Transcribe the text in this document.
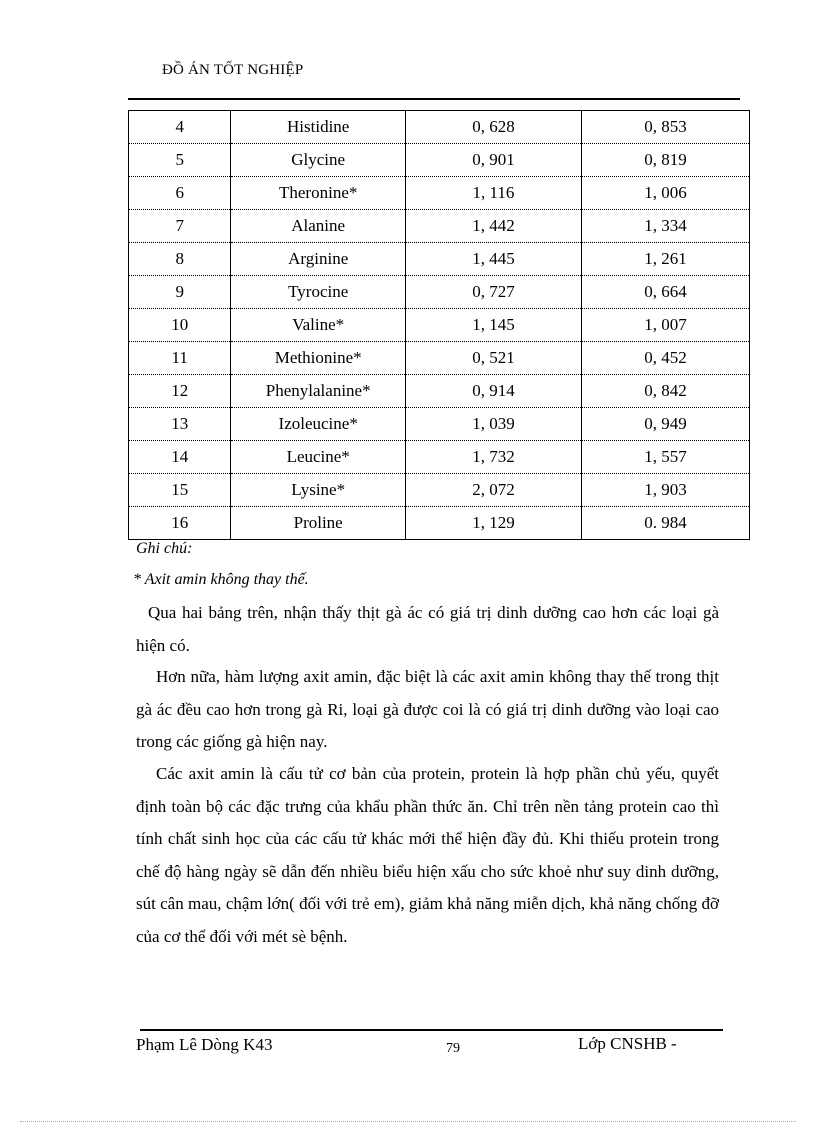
ĐỒ ÁN TỐT NGHIỆP
4	Histidine	0, 628	0, 853
5	Glycine	0, 901	0, 819
6	Theronine*	1, 116	1, 006
7	Alanine	1, 442	1, 334
8	Arginine	1, 445	1, 261
9	Tyrocine	0, 727	0, 664
10	Valine*	1, 145	1, 007
11	Methionine*	0, 521	0, 452
12	Phenylalanine*	0, 914	0, 842
13	Izoleucine*	1, 039	0, 949
14	Leucine*	1, 732	1, 557
15	Lysine*	2, 072	1, 903
16	Proline	1, 129	0. 984
Ghi chú:
* Axit amin không thay thế.
Qua hai bảng trên, nhận thấy thịt gà ác có giá trị dinh dưỡng cao hơn các loại gà hiện có.
Hơn nữa, hàm lượng axit amin, đặc biệt là các axit amin không thay thế trong thịt gà ác đều cao hơn trong gà Ri, loại gà được coi là có giá trị dinh dưỡng vào loại cao trong các giống gà hiện nay.
Các axit amin là cấu tử cơ bản của protein, protein là hợp phần chủ yếu, quyết định toàn bộ các đặc trưng của khẩu phần thức ăn. Chỉ trên nền tảng protein cao thì tính chất sinh học của các cấu tử khác mới thể hiện đầy đủ. Khi thiếu protein trong chế độ hàng ngày sẽ dẫn đến nhiều biểu hiện xấu cho sức khoẻ như suy dinh dưỡng, sút cân mau, chậm lớn( đối với trẻ em), giảm khả năng miễn dịch, khả năng chống đỡ của cơ thể đối với mét sè bệnh.
Phạm Lê Dòng K43	79	Lớp CNSHB -
